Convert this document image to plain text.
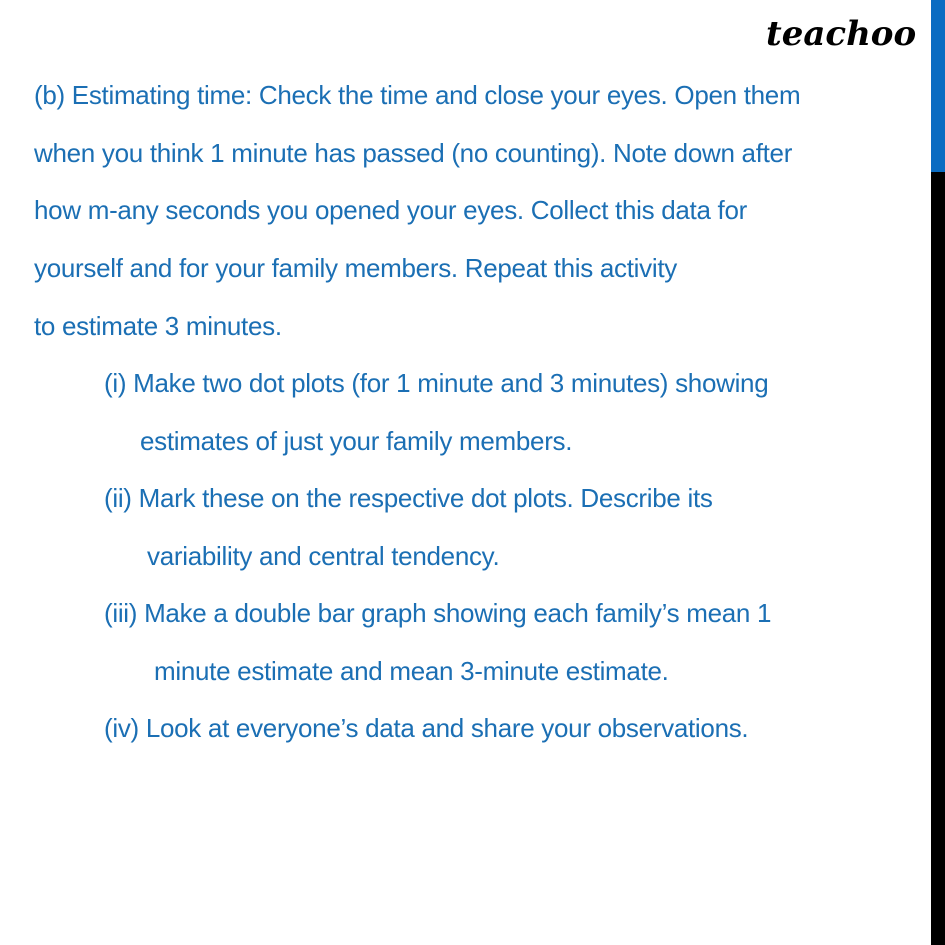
teachoo
(b) Estimating time: Check the time and close your eyes. Open them
when you think 1 minute has passed (no counting). Note down after
how m-any seconds you opened your eyes. Collect this data for
yourself and for your family members. Repeat this activity
to estimate 3 minutes.
(i) Make two dot plots (for 1 minute and 3 minutes) showing
estimates of just your family members.
(ii) Mark these on the respective dot plots. Describe its
variability and central tendency.
(iii) Make a double bar graph showing each family’s mean 1
minute estimate and mean 3-minute estimate.
(iv) Look at everyone’s data and share your observations.
